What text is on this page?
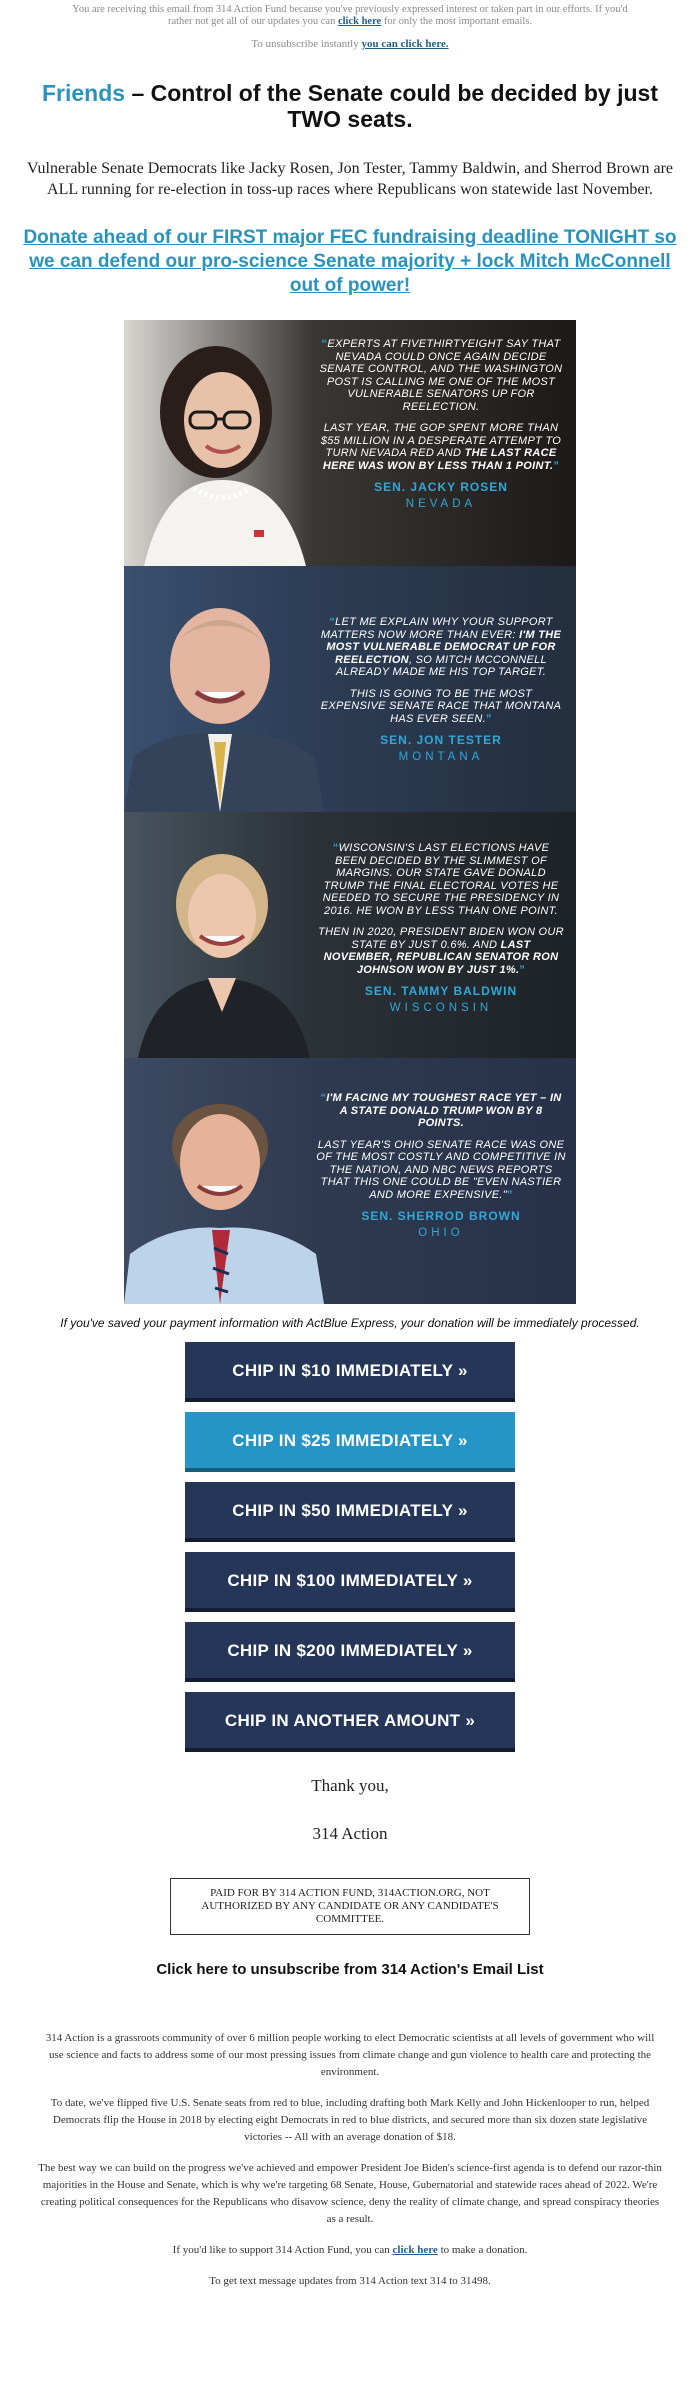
You are receiving this email from 314 Action Fund because you've previously expressed interest or taken part in our efforts. If you'd rather not get all of our updates you can click here for only the most important emails.
To unsubscribe instantly you can click here.
Friends – Control of the Senate could be decided by just TWO seats.
Vulnerable Senate Democrats like Jacky Rosen, Jon Tester, Tammy Baldwin, and Sherrod Brown are ALL running for re-election in toss-up races where Republicans won statewide last November.
Donate ahead of our FIRST major FEC fundraising deadline TONIGHT so we can defend our pro-science Senate majority + lock Mitch McConnell out of power!

“EXPERTS AT FIVETHIRTYEIGHT SAY THAT NEVADA COULD ONCE AGAIN DECIDE SENATE CONTROL, AND THE WASHINGTON POST IS CALLING ME ONE OF THE MOST VULNERABLE SENATORS UP FOR REELECTION.

LAST YEAR, THE GOP SPENT MORE THAN $55 MILLION IN A DESPERATE ATTEMPT TO TURN NEVADA RED AND THE LAST RACE HERE WAS WON BY LESS THAN 1 POINT.”

SEN. JACKY ROSEN
NEVADA

“LET ME EXPLAIN WHY YOUR SUPPORT MATTERS NOW MORE THAN EVER: I'M THE MOST VULNERABLE DEMOCRAT UP FOR REELECTION, SO MITCH MCCONNELL ALREADY MADE ME HIS TOP TARGET.

THIS IS GOING TO BE THE MOST EXPENSIVE SENATE RACE THAT MONTANA HAS EVER SEEN.”

SEN. JON TESTER
MONTANA

“WISCONSIN'S LAST ELECTIONS HAVE BEEN DECIDED BY THE SLIMMEST OF MARGINS. OUR STATE GAVE DONALD TRUMP THE FINAL ELECTORAL VOTES HE NEEDED TO SECURE THE PRESIDENCY IN 2016. HE WON BY LESS THAN ONE POINT.

THEN IN 2020, PRESIDENT BIDEN WON OUR STATE BY JUST 0.6%. AND LAST NOVEMBER, REPUBLICAN SENATOR RON JOHNSON WON BY JUST 1%.”

SEN. TAMMY BALDWIN
WISCONSIN

“I'M FACING MY TOUGHEST RACE YET – IN A STATE DONALD TRUMP WON BY 8 POINTS.

LAST YEAR'S OHIO SENATE RACE WAS ONE OF THE MOST COSTLY AND COMPETITIVE IN THE NATION, AND NBC NEWS REPORTS THAT THIS ONE COULD BE "EVEN NASTIER AND MORE EXPENSIVE."”

SEN. SHERROD BROWN
OHIO
If you've saved your payment information with ActBlue Express, your donation will be immediately processed.
CHIP IN $10 IMMEDIATELY »
CHIP IN $25 IMMEDIATELY »
CHIP IN $50 IMMEDIATELY »
CHIP IN $100 IMMEDIATELY »
CHIP IN $200 IMMEDIATELY »
CHIP IN ANOTHER AMOUNT »
Thank you,
314 Action
PAID FOR BY 314 ACTION FUND, 314ACTION.ORG, NOT AUTHORIZED BY ANY CANDIDATE OR ANY CANDIDATE'S COMMITTEE.
Click here to unsubscribe from 314 Action's Email List

314 Action is a grassroots community of over 6 million people working to elect Democratic scientists at all levels of government who will use science and facts to address some of our most pressing issues from climate change and gun violence to health care and protecting the environment.

To date, we've flipped five U.S. Senate seats from red to blue, including drafting both Mark Kelly and John Hickenlooper to run, helped Democrats flip the House in 2018 by electing eight Democrats in red to blue districts, and secured more than six dozen state legislative victories -- All with an average donation of $18.

The best way we can build on the progress we've achieved and empower President Joe Biden's science-first agenda is to defend our razor-thin majorities in the House and Senate, which is why we're targeting 68 Senate, House, Gubernatorial and statewide races ahead of 2022. We're creating political consequences for the Republicans who disavow science, deny the reality of climate change, and spread conspiracy theories as a result.

If you'd like to support 314 Action Fund, you can click here to make a donation.

To get text message updates from 314 Action text 314 to 31498.
